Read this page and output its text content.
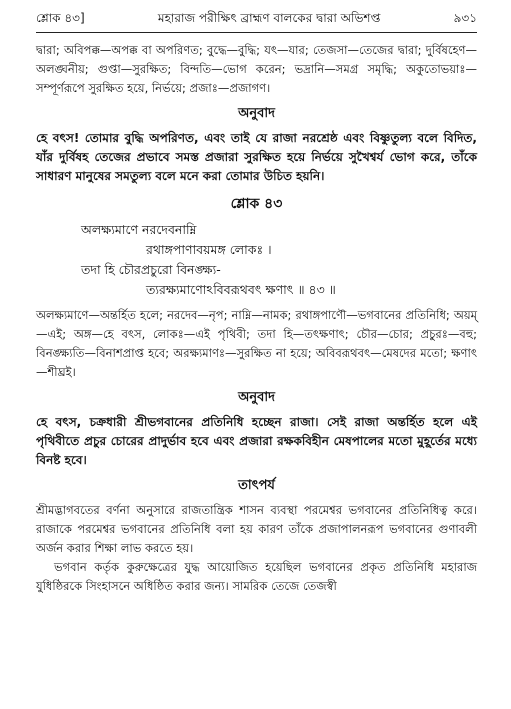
শ্লোক ৪৩]	মহারাজ পরীক্ষিৎ ব্রাহ্মণ বালকের দ্বারা অভিশপ্ত	৯৩১

দ্বারা; অবিপক্ক—অপক্ক বা অপরিণত; বুদ্ধে—বুদ্ধি; যৎ—যার; তেজসা—তেজের দ্বারা; দুর্বিষহেণ—অলঙ্ঘনীয়; গুপ্তা—সুরক্ষিত; বিন্দতি—ভোগ করেন; ভদ্রানি—সমগ্র সমৃদ্ধি; অকুতোভয়াঃ—সম্পূর্ণরূপে সুরক্ষিত হয়ে, নির্ভয়ে; প্রজাঃ—প্রজাগণ।

অনুবাদ

হে বৎস! তোমার বুদ্ধি অপরিণত, এবং তাই যে রাজা নরশ্রেষ্ঠ এবং বিষ্ণুতুল্য বলে বিদিত, যাঁর দুর্বিষহ তেজের প্রভাবে সমস্ত প্রজারা সুরক্ষিত হয়ে নির্ভয়ে সুখৈশ্বর্য ভোগ করে, তাঁকে সাধারণ মানুষের সমতুল্য বলে মনে করা তোমার উচিত হয়নি।

শ্লোক ৪৩
অলক্ষ্যমাণে নরদেবনাম্নি
রথাঙ্গপাণাবয়মঙ্গ লোকঃ ।
তদা হি চৌরপ্রচুরো বিনঙ্ক্ষ্য-
ত্যরক্ষ্যমাণোঽবিবরূথবৎ ক্ষণাৎ ॥ ৪৩ ॥

অলক্ষ্যমাণে—অন্তর্হিত হলে; নরদেব—নৃপ; নাম্নি—নামক; রথাঙ্গপাণৌ—ভগবানের প্রতিনিধি; অয়ম্—এই; অঙ্গ—হে বৎস, লোকঃ—এই পৃথিবী; তদা হি—তৎক্ষণাৎ; চৌর—চোর; প্রচুরঃ—বহু; বিনঙ্ক্ষ্যতি—বিনাশপ্রাপ্ত হবে; অরক্ষ্যমাণঃ—সুরক্ষিত না হয়ে; অবিবরূথবৎ—মেষদের মতো; ক্ষণাৎ—শীঘ্রই।

অনুবাদ

হে বৎস, চক্রধারী শ্রীভগবানের প্রতিনিধি হচ্ছেন রাজা। সেই রাজা অন্তর্হিত হলে এই পৃথিবীতে প্রচুর চোরের প্রাদুর্ভাব হবে এবং প্রজারা রক্ষকবিহীন মেষপালের মতো মুহূর্তের মধ্যে বিনষ্ট হবে।

তাৎপর্য

শ্রীমদ্ভাগবতের বর্ণনা অনুসারে রাজতান্ত্রিক শাসন ব্যবস্থা পরমেশ্বর ভগবানের প্রতিনিধিত্ব করে। রাজাকে পরমেশ্বর ভগবানের প্রতিনিধি বলা হয় কারণ তাঁকে প্রজাপালনরূপ ভগবানের গুণাবলী অর্জন করার শিক্ষা লাভ করতে হয়।

ভগবান কর্তৃক কুরুক্ষেত্রের যুদ্ধ আয়োজিত হয়েছিল ভগবানের প্রকৃত প্রতিনিধি মহারাজ যুধিষ্ঠিরকে সিংহাসনে অধিষ্ঠিত করার জন্য। সামরিক তেজে তেজস্বী
